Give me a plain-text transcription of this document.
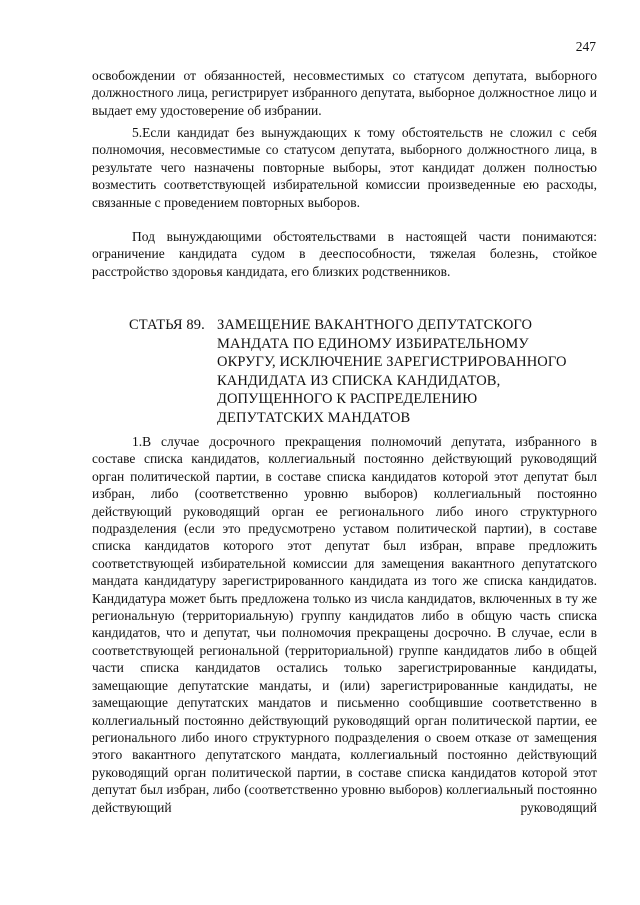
247

освобождении от обязанностей, несовместимых со статусом депутата, выборного должностного лица, регистрирует избранного депутата, выборное должностное лицо и выдает ему удостоверение об избрании.

5.Если кандидат без вынуждающих к тому обстоятельств не сложил с себя полномочия, несовместимые со статусом депутата, выборного должностного лица, в результате чего назначены повторные выборы, этот кандидат должен полностью возместить соответствующей избирательной комиссии произведенные ею расходы, связанные с проведением повторных выборов.

Под вынуждающими обстоятельствами в настоящей части понимаются: ограничение кандидата судом в дееспособности, тяжелая болезнь, стойкое расстройство здоровья кандидата, его близких родственников.

СТАТЬЯ 89. ЗАМЕЩЕНИЕ ВАКАНТНОГО ДЕПУТАТСКОГО
МАНДАТА ПО ЕДИНОМУ ИЗБИРАТЕЛЬНОМУ
ОКРУГУ, ИСКЛЮЧЕНИЕ ЗАРЕГИСТРИРОВАННОГО
КАНДИДАТА ИЗ СПИСКА КАНДИДАТОВ,
ДОПУЩЕННОГО К РАСПРЕДЕЛЕНИЮ
ДЕПУТАТСКИХ МАНДАТОВ

1.В случае досрочного прекращения полномочий депутата, избранного в составе списка кандидатов, коллегиальный постоянно действующий руководящий орган политической партии, в составе списка кандидатов которой этот депутат был избран, либо (соответственно уровню выборов) коллегиальный постоянно действующий руководящий орган ее регионального либо иного структурного подразделения (если это предусмотрено уставом политической партии), в составе списка кандидатов которого этот депутат был избран, вправе предложить соответствующей избирательной комиссии для замещения вакантного депутатского мандата кандидатуру зарегистрированного кандидата из того же списка кандидатов. Кандидатура может быть предложена только из числа кандидатов, включенных в ту же региональную (территориальную) группу кандидатов либо в общую часть списка кандидатов, что и депутат, чьи полномочия прекращены досрочно. В случае, если в соответствующей региональной (территориальной) группе кандидатов либо в общей части списка кандидатов остались только зарегистрированные кандидаты, замещающие депутатские мандаты, и (или) зарегистрированные кандидаты, не замещающие депутатских мандатов и письменно сообщившие соответственно в коллегиальный постоянно действующий руководящий орган политической партии, ее регионального либо иного структурного подразделения о своем отказе от замещения этого вакантного депутатского мандата, коллегиальный постоянно действующий руководящий орган политической партии, в составе списка кандидатов которой этот депутат был избран, либо (соответственно уровню выборов) коллегиальный постоянно действующий руководящий
